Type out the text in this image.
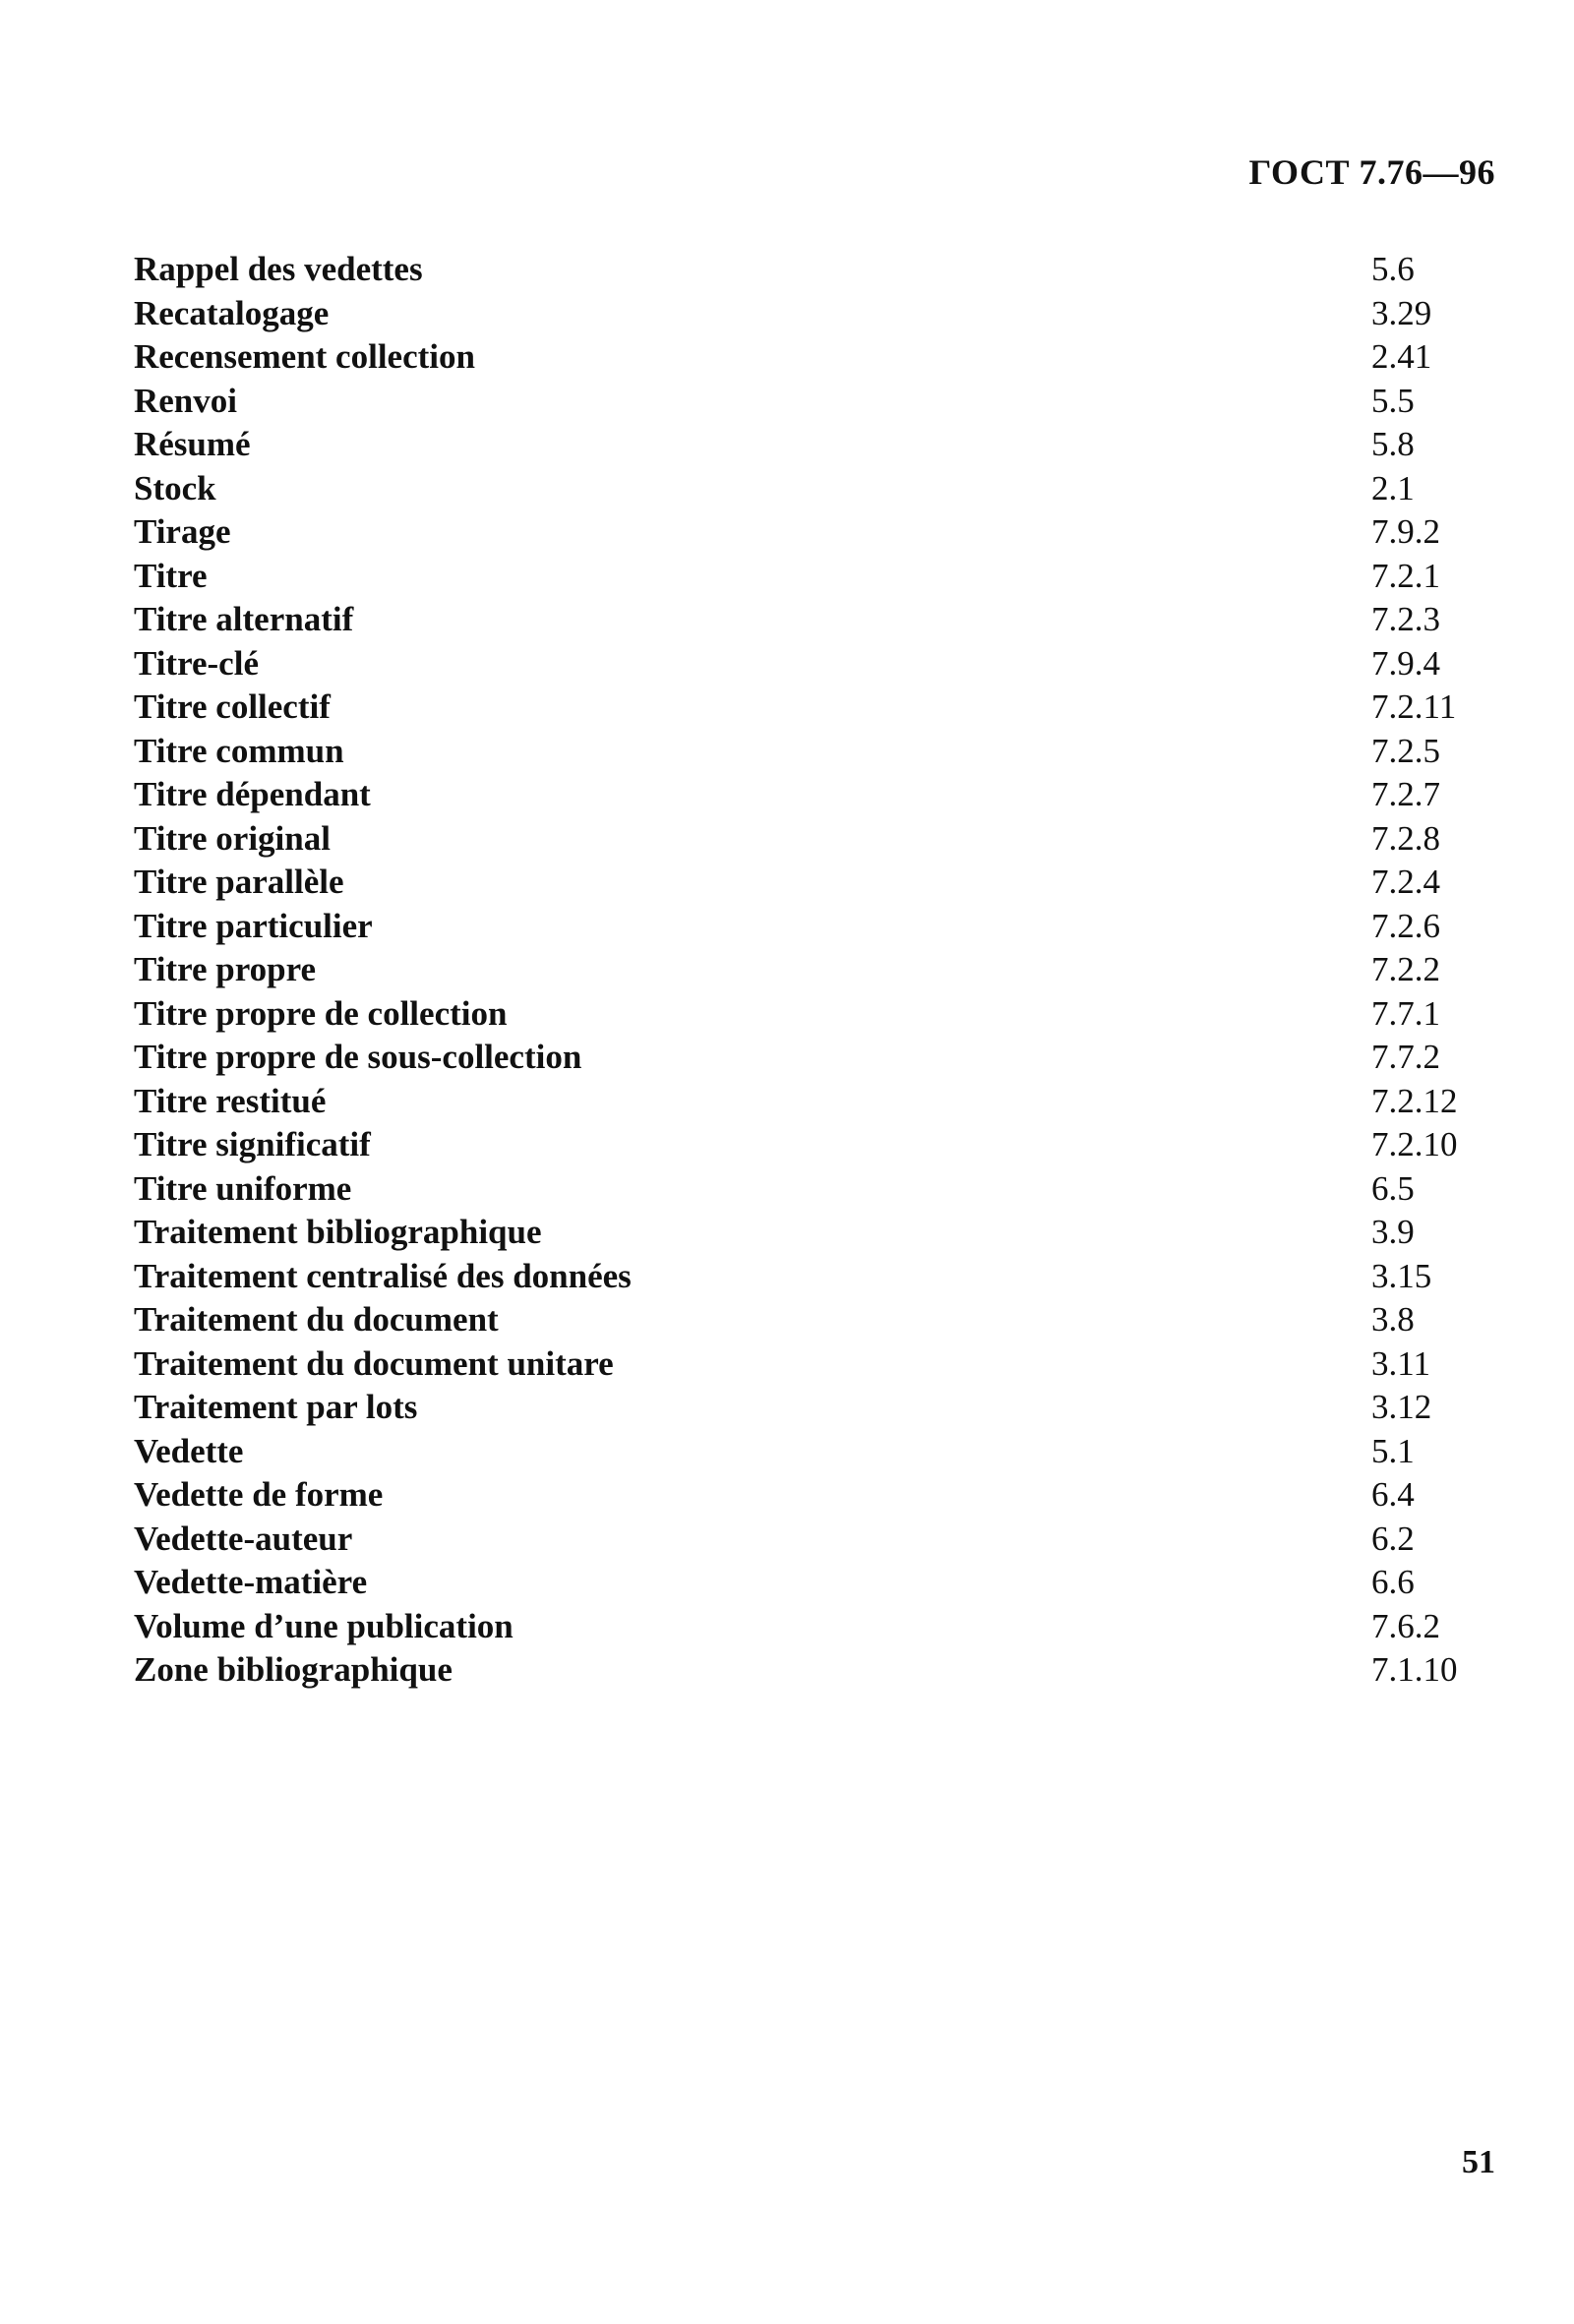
ГОСТ 7.76—96
Rappel des vedettes	5.6
Recatalogage	3.29
Recensement collection	2.41
Renvoi	5.5
Résumé	5.8
Stock	2.1
Tirage	7.9.2
Titre	7.2.1
Titre alternatif	7.2.3
Titre-clé	7.9.4
Titre collectif	7.2.11
Titre commun	7.2.5
Titre dépendant	7.2.7
Titre original	7.2.8
Titre parallèle	7.2.4
Titre particulier	7.2.6
Titre propre	7.2.2
Titre propre de collection	7.7.1
Titre propre de sous-collection	7.7.2
Titre restitué	7.2.12
Titre significatif	7.2.10
Titre uniforme	6.5
Traitement bibliographique	3.9
Traitement centralisé des données	3.15
Traitement du document	3.8
Traitement du document unitare	3.11
Traitement par lots	3.12
Vedette	5.1
Vedette de forme	6.4
Vedette-auteur	6.2
Vedette-matière	6.6
Volume d’une publication	7.6.2
Zone bibliographique	7.1.10
51
